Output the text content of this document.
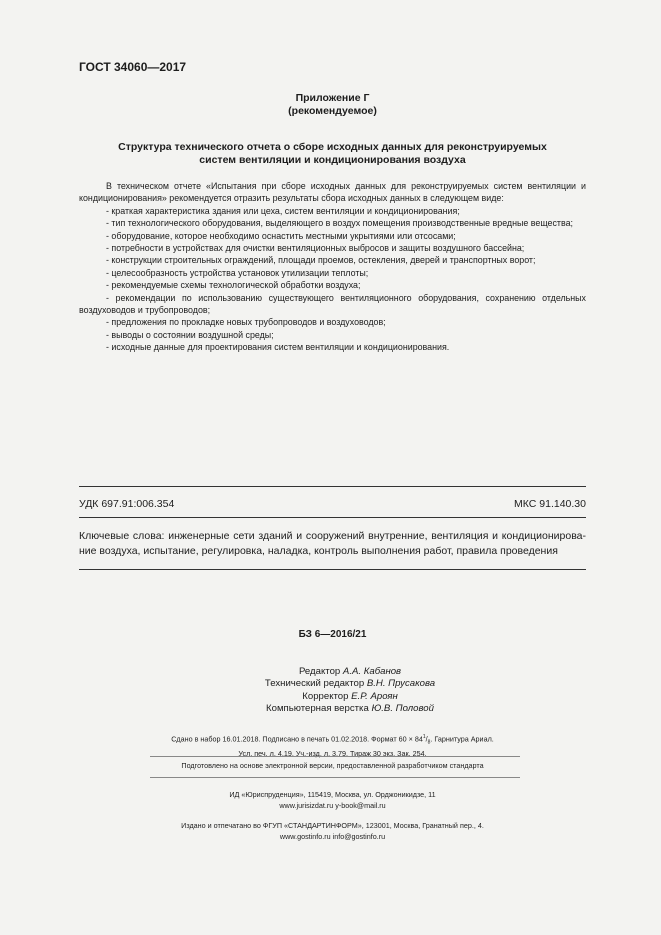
ГОСТ 34060—2017
Приложение Г
(рекомендуемое)
Структура технического отчета о сборе исходных данных для реконструируемых
систем вентиляции и кондиционирования воздуха

В техническом отчете «Испытания при сборе исходных данных для реконструируемых систем вентиляции и кондиционирования» рекомендуется отразить результаты сбора исходных данных в следующем виде:

- краткая характеристика здания или цеха, систем вентиляции и кондиционирования;

- тип технологического оборудования, выделяющего в воздух помещения производственные вредные вещества;

- оборудование, которое необходимо оснастить местными укрытиями или отсосами;

- потребности в устройствах для очистки вентиляционных выбросов и защиты воздушного бассейна;

- конструкции строительных ограждений, площади проемов, остекления, дверей и транспортных ворот;

- целесообразность устройства установок утилизации теплоты;

- рекомендуемые схемы технологической обработки воздуха;

- рекомендации по использованию существующего вентиляционного оборудования, сохранению отдельных воздуховодов и трубопроводов;

- предложения по прокладке новых трубопроводов и воздуховодов;

- выводы о состоянии воздушной среды;

- исходные данные для проектирования систем вентиляции и кондиционирования.

УДК 697.91:006.354	МКС 91.140.30
Ключевые слова: инженерные сети зданий и сооружений внутренние, вентиляция и кондиционирова-ние воздуха, испытание, регулировка, наладка, контроль выполнения работ, правила проведения
БЗ 6—2016/21
Редактор А.А. Кабанов
Технический редактор В.Н. Прусакова
Корректор Е.Р. Ароян
Компьютерная верстка Ю.В. Половой
Сдано в набор 16.01.2018. Подписано в печать 01.02.2018. Формат $60 \times 84^1/_8$. Гарнитура Ариал.
Усл. печ. л. 4,19. Уч.-изд. л. 3,79. Тираж 30 экз. Зак. 254.
Подготовлено на основе электронной версии, предоставленной разработчиком стандарта
ИД «Юриспруденция», 115419, Москва, ул. Орджоникидзе, 11
www.jurisizdat.ru y-book@mail.ru
Издано и отпечатано во ФГУП «СТАНДАРТИНФОРМ», 123001, Москва, Гранатный пер., 4.
www.gostinfo.ru info@gostinfo.ru
